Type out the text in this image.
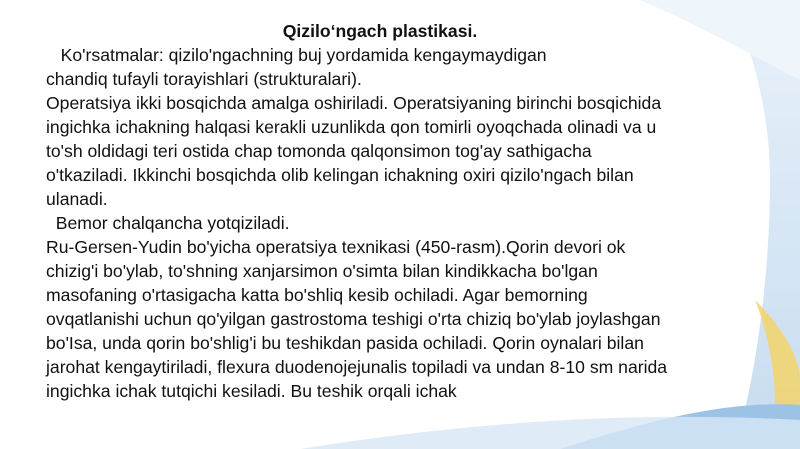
Qizilo‘ngach plastikasi.
Ko'rsatmalar: qizilo'ngachning buj yordamida kengaymaydigan
chandiq tufayli torayishlari (strukturalari).
Operatsiya ikki bosqichda amalga oshiriladi. Operatsiyaning birinchi bosqichida
ingichka ichakning halqasi kerakli uzunlikda qon tomirli oyoqchada olinadi va u
to'sh oldidagi teri ostida chap tomonda qalqonsimon tog'ay sathigacha
o'tkaziladi. Ikkinchi bosqichda olib kelingan ichakning oxiri qizilo'ngach bilan
ulanadi.
Bemor chalqancha yotqiziladi.
Ru-Gersen-Yudin bo'yicha operatsiya texnikasi (450-rasm).Qorin devori ok
chizig'i bo'ylab, to'shning xanjarsimon o'simta bilan kindikkacha bo'lgan
masofaning o'rtasigacha katta bo'shliq kesib ochiladi. Agar bemorning
ovqatlanishi uchun qo'yilgan gastrostoma teshigi o'rta chiziq bo'ylab joylashgan
bo'Isa, unda qorin bo'shlig'i bu teshikdan pasida ochiladi. Qorin oynalari bilan
jarohat kengaytiriladi, flexura duodenojejunalis topiladi va undan 8-10 sm narida
ingichka ichak tutqichi kesiladi. Bu teshik orqali ichak
